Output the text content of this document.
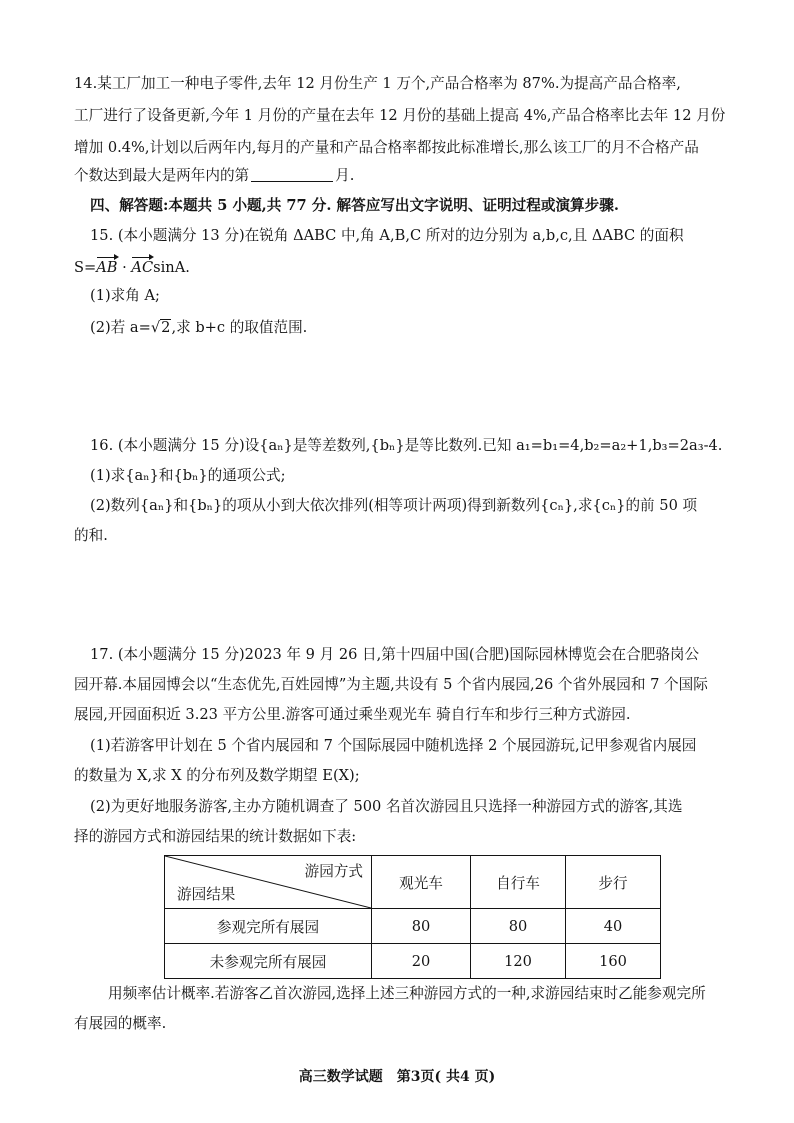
14.某工厂加工一种电子零件,去年 12 月份生产 1 万个,产品合格率为 87%.为提高产品合格率,
工厂进行了设备更新,今年 1 月份的产量在去年 12 月份的基础上提高 4%,产品合格率比去年 12 月份
增加 0.4%,计划以后两年内,每月的产量和产品合格率都按此标准增长,那么该工厂的月不合格产品
个数达到最大是两年内的第	月.
四、解答题:本题共 5 小题,共 77 分. 解答应写出文字说明、证明过程或演算步骤.
15. (本小题满分 13 分)在锐角 ΔABC 中,角 A,B,C 所对的边分别为 a,b,c,且 ΔABC 的面积
S=AB · ACsinA.
(1)求角 A;
(2)若 a=√2,求 b+c 的取值范围.
16. (本小题满分 15 分)设{aₙ}是等差数列,{bₙ}是等比数列.已知 a₁=b₁=4,b₂=a₂+1,b₃=2a₃-4.
(1)求{aₙ}和{bₙ}的通项公式;
(2)数列{aₙ}和{bₙ}的项从小到大依次排列(相等项计两项)得到新数列{cₙ},求{cₙ}的前 50 项
的和.
17. (本小题满分 15 分)2023 年 9 月 26 日,第十四届中国(合肥)国际园林博览会在合肥骆岗公
园开幕.本届园博会以“生态优先,百姓园博”为主题,共设有 5 个省内展园,26 个省外展园和 7 个国际
展园,开园面积近 3.23 平方公里.游客可通过乘坐观光车 骑自行车和步行三种方式游园.
(1)若游客甲计划在 5 个省内展园和 7 个国际展园中随机选择 2 个展园游玩,记甲参观省内展园
的数量为 X,求 X 的分布列及数学期望 E(X);
(2)为更好地服务游客,主办方随机调查了 500 名首次游园且只选择一种游园方式的游客,其选
择的游园方式和游园结果的统计数据如下表:
游园方式
游园结果	观光车	自行车	步行
参观完所有展园	80	80	40
未参观完所有展园	20	120	160
用频率估计概率.若游客乙首次游园,选择上述三种游园方式的一种,求游园结束时乙能参观完所
有展园的概率.
高三数学试题　第3页( 共4 页)
